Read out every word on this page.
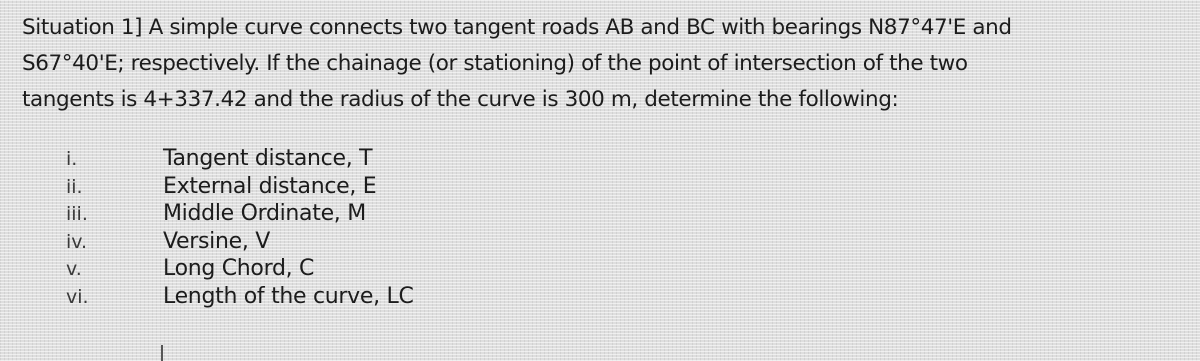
Situation 1] A simple curve connects two tangent roads AB and BC with bearings N87°47'E and
S67°40'E; respectively. If the chainage (or stationing) of the point of intersection of the two
tangents is 4+337.42 and the radius of the curve is 300 m, determine the following:

i.	Tangent distance, T
ii.	External distance, E
iii.	Middle Ordinate, M
iv.	Versine, V
v.	Long Chord, C
vi.	Length of the curve, LC
